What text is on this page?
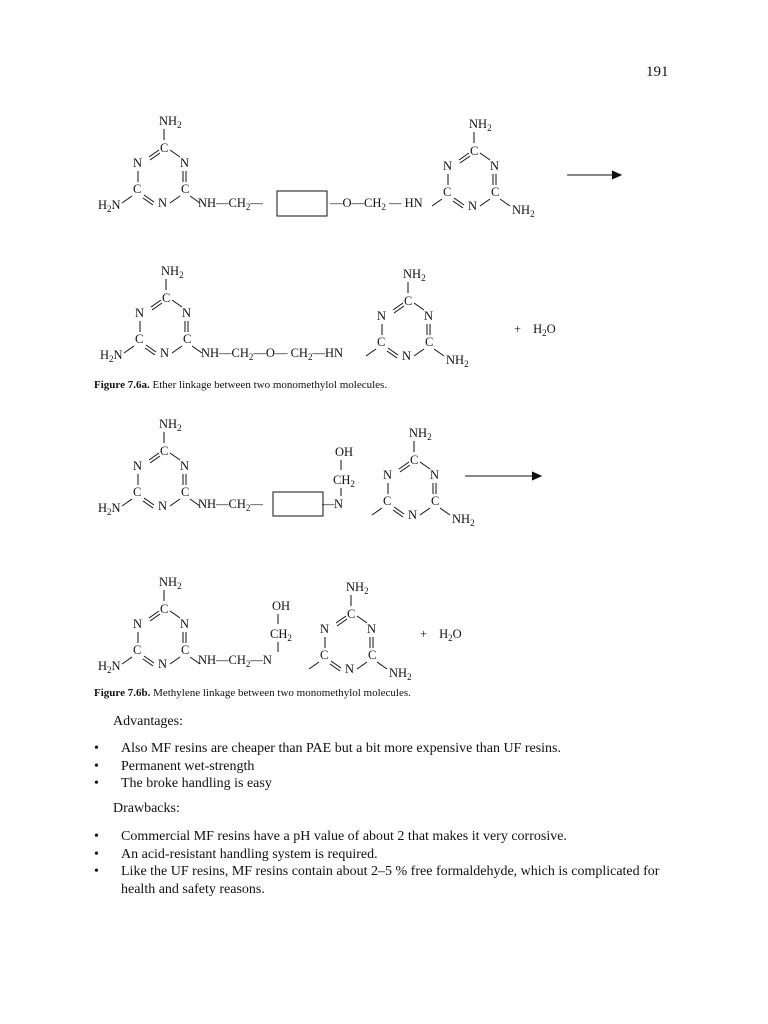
191
$NH_2$
C
N	N
C	C
N
$H_2N$	$NH—CH_2—$	$—O—CH_2$ — HN
$NH_2$
C
N	N
C	C
N	$NH_2$
$NH_2$
C
N	N
C	C
N
$H_2N$	$NH—CH_2—O—$ $CH_2—HN$
$NH_2$
C
N	N
C	C
N	$NH_2$
+ $H_2O$
Figure 7.6a. Ether linkage between two monomethylol molecules.
$NH_2$
C
N	N
C	C
N
$H_2N$	$NH—CH_2—$	—
OH
$CH_2$
N
$NH_2$
C
N	N
C	C
N	$NH_2$
$NH_2$
C
N	N
C	C
N
$H_2N$	$NH—CH_2—N$
OH
$CH_2$
$NH_2$
C
N	N
C	C
N	$NH_2$
+ $H_2O$
Figure 7.6b. Methylene linkage between two monomethylol molecules.
Advantages:
• Also MF resins are cheaper than PAE but a bit more expensive than UF resins.
• Permanent wet-strength
• The broke handling is easy
Drawbacks:
• Commercial MF resins have a pH value of about 2 that makes it very corrosive.
• An acid-resistant handling system is required.
• Like the UF resins, MF resins contain about 2–5 % free formaldehyde, which is complicated for health and safety reasons.
